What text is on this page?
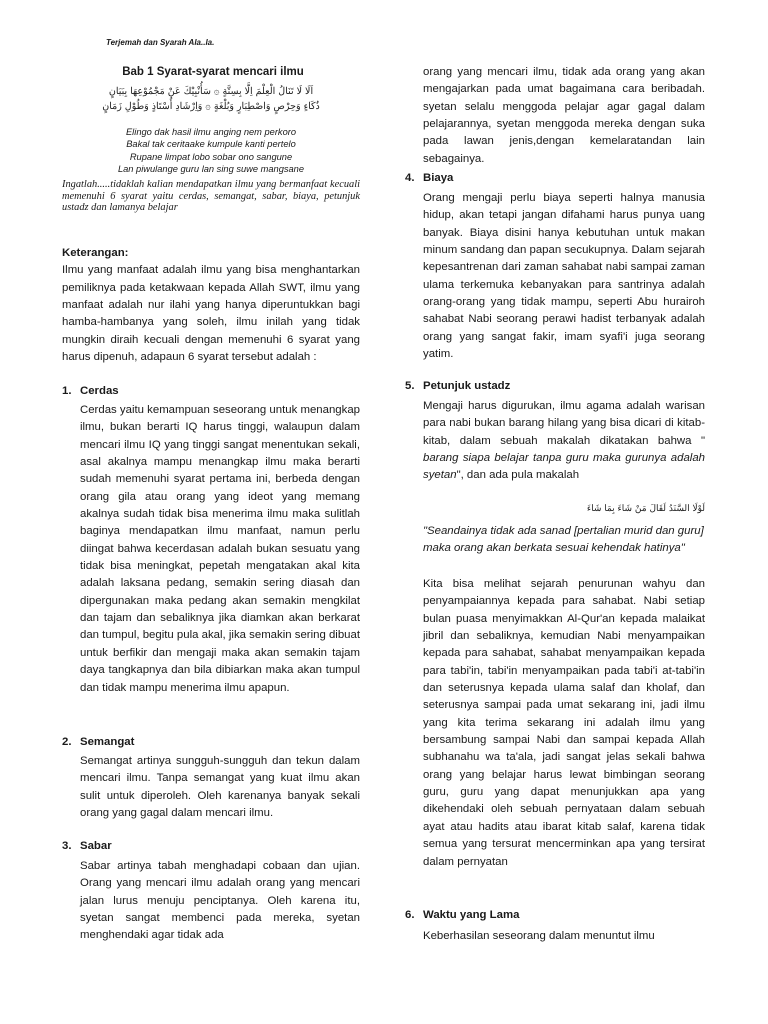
Terjemah dan Syarah Ala..la.
Bab 1 Syarat-syarat mencari ilmu
اَلَا لَا تَنَالُ الْعِلْمَ اِلَّا بِسِتَّةٍ ۞ سَأُنْبِيْكَ عَنْ مَجْمُوْعِهَا بِبَيَانٍ
ذُكَاءٍ وَحِرْصٍ وَاصْطِبَارٍ وَبُلْغَةٍ ۞ وَاِرْشَادِ أُسْتَاذٍ وَطُوْلِ زَمَانٍ
Elingo dak hasil ilmu anging nem perkoro
Bakal tak ceritaake kumpule kanti pertelo
Rupane limpat lobo sobar ono sangune
Lan piwulange guru lan sing suwe mangsane
Ingatlah.....tidaklah kalian mendapatkan ilmu yang bermanfaat kecuali memenuhi 6 syarat yaitu cerdas, semangat, sabar, biaya, petunjuk ustadz dan lamanya belajar

Keterangan:

Ilmu yang manfaat adalah ilmu yang bisa menghantarkan pemiliknya pada ketakwaan kepada Allah SWT, ilmu yang manfaat adalah nur ilahi yang hanya diperuntukkan bagi hamba-hambanya yang soleh, ilmu inilah yang tidak mungkin diraih kecuali dengan memenuhi 6 syarat yang harus dipenuh, adapaun 6 syarat tersebut adalah :

1. Cerdas
Cerdas yaitu kemampuan seseorang untuk menangkap ilmu, bukan berarti IQ harus tinggi, walaupun dalam mencari ilmu IQ yang tinggi sangat menentukan sekali, asal akalnya mampu menangkap ilmu maka berarti sudah memenuhi syarat pertama ini, berbeda dengan orang gila atau orang yang ideot yang memang akalnya sudah tidak bisa menerima ilmu maka sulitlah baginya mendapatkan ilmu manfaat, namun perlu diingat bahwa kecerdasan adalah bukan sesuatu yang tidak bisa meningkat, pepetah mengatakan akal kita adalah laksana pedang, semakin sering diasah dan dipergunakan maka pedang akan semakin mengkilat dan tajam dan sebaliknya jika diamkan akan berkarat dan tumpul, begitu pula akal, jika semakin sering dibuat untuk berfikir dan mengaji maka akan semakin tajam daya tangkapnya dan bila dibiarkan maka akan tumpul dan tidak mampu menerima ilmu apapun.
2. Semangat
Semangat artinya sungguh-sungguh dan tekun dalam mencari ilmu. Tanpa semangat yang kuat ilmu akan sulit untuk diperoleh. Oleh karenanya banyak sekali orang yang gagal dalam mencari ilmu.
3. Sabar
Sabar artinya tabah menghadapi cobaan dan ujian. Orang yang mencari ilmu adalah orang yang mencari jalan lurus menuju penciptanya. Oleh karena itu, syetan sangat membenci pada mereka, syetan menghendaki agar tidak ada
orang yang mencari ilmu, tidak ada orang yang akan mengajarkan pada umat bagaimana cara beribadah. syetan selalu menggoda pelajar agar gagal dalam pelajarannya, syetan menggoda mereka dengan suka pada lawan jenis,dengan kemelaratandan lain sebagainya.
4. Biaya
Orang mengaji perlu biaya seperti halnya manusia hidup, akan tetapi jangan difahami harus punya uang banyak. Biaya disini hanya kebutuhan untuk makan minum sandang dan papan secukupnya. Dalam sejarah kepesantrenan dari zaman sahabat nabi sampai zaman ulama terkemuka kebanyakan para santrinya adalah orang-orang yang tidak mampu, seperti Abu hurairoh sahabat Nabi seorang perawi hadist terbanyak adalah orang yang sangat fakir, imam syafi'i juga seorang yatim.
5. Petunjuk ustadz
Mengaji harus digurukan, ilmu agama adalah warisan para nabi bukan barang hilang yang bisa dicari di kitab-kitab, dalam sebuah makalah dikatakan bahwa " barang siapa belajar tanpa guru maka gurunya adalah syetan", dan ada pula makalah
لَوْلَا السَّنَدُ لَقَالَ مَنْ شَاءَ بِمَا شَاءَ
"Seandainya tidak ada sanad [pertalian murid dan guru] maka orang akan berkata sesuai kehendak hatinya"
Kita bisa melihat sejarah penurunan wahyu dan penyampaiannya kepada para sahabat. Nabi setiap bulan puasa menyimakkan Al-Qur'an kepada malaikat jibril dan sebaliknya, kemudian Nabi menyampaikan kepada para sahabat, sahabat menyampaikan kepada para tabi'in, tabi'in menyampaikan pada tabi'i at-tabi'in dan seterusnya kepada ulama salaf dan kholaf, dan seterusnya sampai pada umat sekarang ini, jadi ilmu yang kita terima sekarang ini adalah ilmu yang bersambung sampai Nabi dan sampai kepada Allah subhanahu wa ta'ala, jadi sangat jelas sekali bahwa orang yang belajar harus lewat bimbingan seorang guru, guru yang dapat menunjukkan apa yang dikehendaki oleh sebuah pernyataan dalam sebuah ayat atau hadits atau ibarat kitab salaf, karena tidak semua yang tersurat mencerminkan apa yang tersirat dalam pernyatan
6. Waktu yang Lama
Keberhasilan seseorang dalam menuntut ilmu
